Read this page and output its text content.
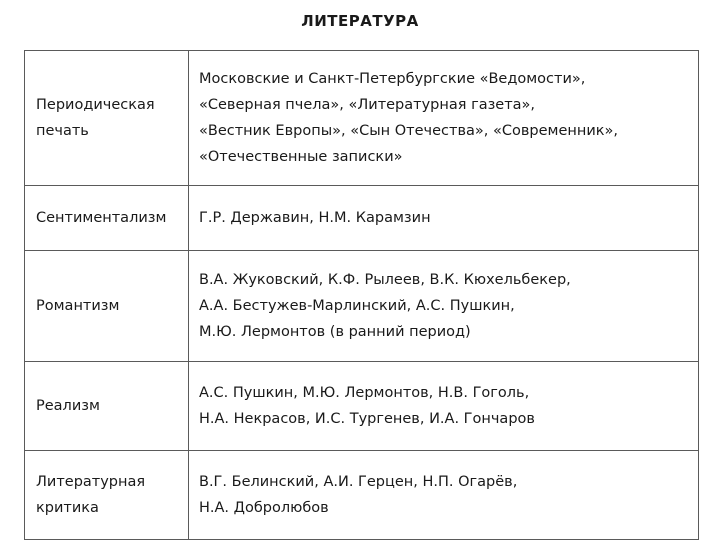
ЛИТЕРАТУРА
Периодическая
печать	Московские и Санкт-Петербургские «Ведомости»,
«Северная пчела», «Литературная газета»,
«Вестник Европы», «Сын Отечества», «Современник»,
«Отечественные записки»

Сентиментализм	Г.Р. Державин, Н.М. Карамзин

Романтизм	В.А. Жуковский, К.Ф. Рылеев, В.К. Кюхельбекер,
А.А. Бестужев-Марлинский, А.С. Пушкин,
М.Ю. Лермонтов (в ранний период)

Реализм	А.С. Пушкин, М.Ю. Лермонтов, Н.В. Гоголь,
Н.А. Некрасов, И.С. Тургенев, И.А. Гончаров

Литературная
критика	В.Г. Белинский, А.И. Герцен, Н.П. Огарёв,
Н.А. Добролюбов
